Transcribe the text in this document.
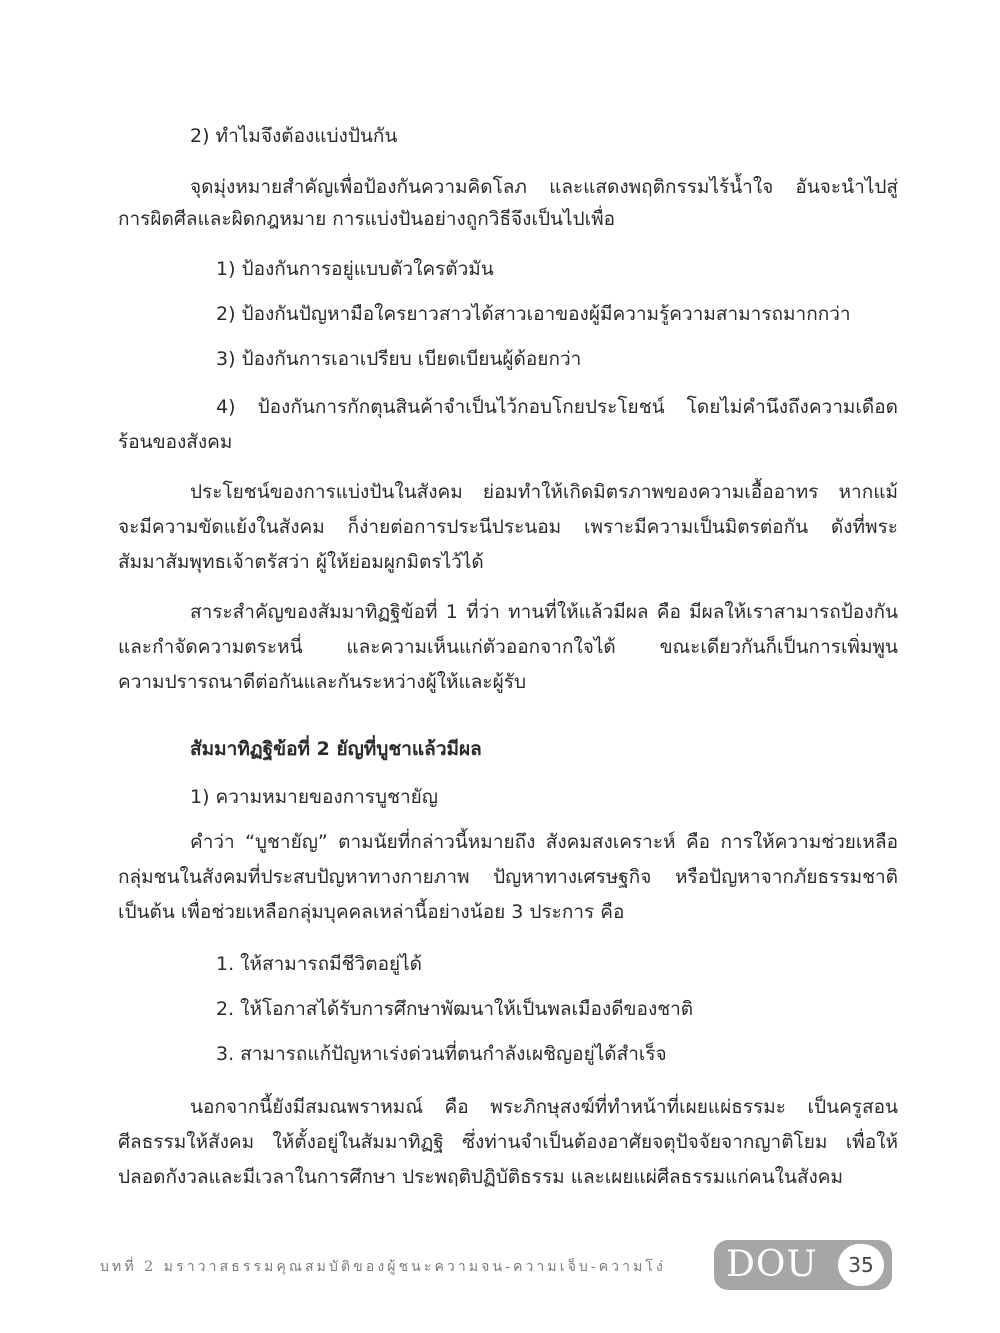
2) ทำไมจึงต้องแบ่งปันกัน
จุดมุ่งหมายสำคัญเพื่อป้องกันความคิดโลภ และแสดงพฤติกรรมไร้น้ำใจ อันจะนำไปสู่
การผิดศีลและผิดกฎหมาย การแบ่งปันอย่างถูกวิธีจึงเป็นไปเพื่อ
1) ป้องกันการอยู่แบบตัวใครตัวมัน
2) ป้องกันปัญหามือใครยาวสาวได้สาวเอาของผู้มีความรู้ความสามารถมากกว่า
3) ป้องกันการเอาเปรียบ เบียดเบียนผู้ด้อยกว่า
4) ป้องกันการกักตุนสินค้าจำเป็นไว้กอบโกยประโยชน์ โดยไม่คำนึงถึงความเดือด
ร้อนของสังคม
ประโยชน์ของการแบ่งปันในสังคม ย่อมทำให้เกิดมิตรภาพของความเอื้ออาทร หากแม้
จะมีความขัดแย้งในสังคม ก็ง่ายต่อการประนีประนอม เพราะมีความเป็นมิตรต่อกัน ดังที่พระ
สัมมาสัมพุทธเจ้าตรัสว่า ผู้ให้ย่อมผูกมิตรไว้ได้
สาระสำคัญของสัมมาทิฏฐิข้อที่ 1 ที่ว่า ทานที่ให้แล้วมีผล คือ มีผลให้เราสามารถป้องกัน
และกำจัดความตระหนี่ และความเห็นแก่ตัวออกจากใจได้ ขณะเดียวกันก็เป็นการเพิ่มพูน
ความปรารถนาดีต่อกันและกันระหว่างผู้ให้และผู้รับ
สัมมาทิฏฐิข้อที่ 2 ยัญที่บูชาแล้วมีผล
1) ความหมายของการบูชายัญ
คำว่า “บูชายัญ” ตามนัยที่กล่าวนี้หมายถึง สังคมสงเคราะห์ คือ การให้ความช่วยเหลือ
กลุ่มชนในสังคมที่ประสบปัญหาทางกายภาพ ปัญหาทางเศรษฐกิจ หรือปัญหาจากภัยธรรมชาติ
เป็นต้น เพื่อช่วยเหลือกลุ่มบุคคลเหล่านี้อย่างน้อย 3 ประการ คือ
1. ให้สามารถมีชีวิตอยู่ได้
2. ให้โอกาสได้รับการศึกษาพัฒนาให้เป็นพลเมืองดีของชาติ
3. สามารถแก้ปัญหาเร่งด่วนที่ตนกำลังเผชิญอยู่ได้สำเร็จ
นอกจากนี้ยังมีสมณพราหมณ์ คือ พระภิกษุสงฆ์ที่ทำหน้าที่เผยแผ่ธรรมะ เป็นครูสอน
ศีลธรรมให้สังคม ให้ตั้งอยู่ในสัมมาทิฏฐิ ซึ่งท่านจำเป็นต้องอาศัยจตุปัจจัยจากญาติโยม เพื่อให้
ปลอดกังวลและมีเวลาในการศึกษา ประพฤติปฏิบัติธรรม และเผยแผ่ศีลธรรมแก่คนในสังคม
บทที่ 2 มราวาสธรรมคุณสมบัติของผู้ชนะความจน-ความเจ็บ-ความโง่ DOU	35
